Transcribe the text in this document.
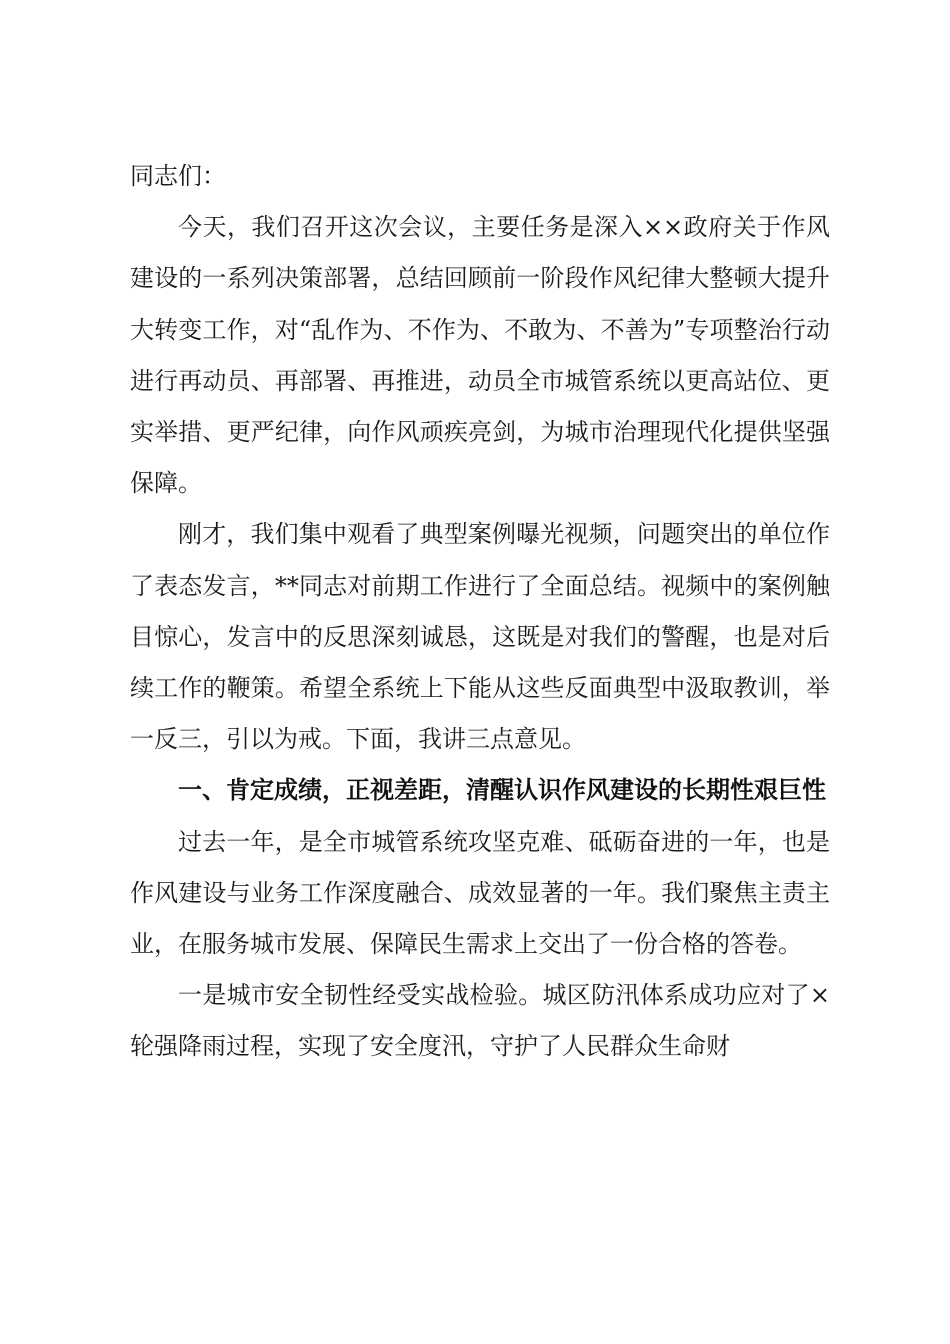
同志们：

今天，我们召开这次会议，主要任务是深入××政府关于作风建设的一系列决策部署，总结回顾前一阶段作风纪律大整顿大提升大转变工作，对“乱作为、不作为、不敢为、不善为”专项整治行动进行再动员、再部署、再推进，动员全市城管系统以更高站位、更实举措、更严纪律，向作风顽疾亮剑，为城市治理现代化提供坚强保障。

刚才，我们集中观看了典型案例曝光视频，问题突出的单位作了表态发言，**同志对前期工作进行了全面总结。视频中的案例触目惊心，发言中的反思深刻诚恳，这既是对我们的警醒，也是对后续工作的鞭策。希望全系统上下能从这些反面典型中汲取教训，举一反三，引以为戒。下面，我讲三点意见。

一、肯定成绩，正视差距，清醒认识作风建设的长期性艰巨性

过去一年，是全市城管系统攻坚克难、砥砺奋进的一年，也是作风建设与业务工作深度融合、成效显著的一年。我们聚焦主责主业，在服务城市发展、保障民生需求上交出了一份合格的答卷。

一是城市安全韧性经受实战检验。城区防汛体系成功应对了×轮强降雨过程，实现了安全度汛，守护了人民群众生命财
